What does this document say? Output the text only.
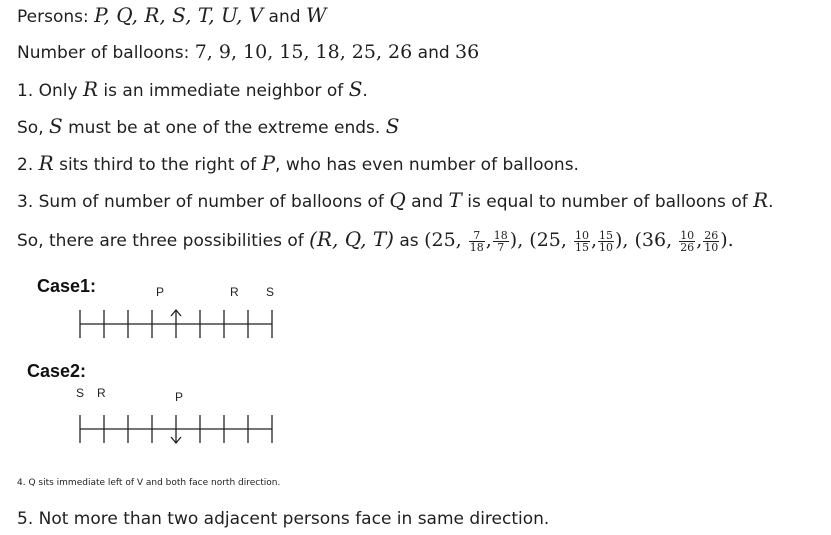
Persons: P, Q, R, S, T, U, V and W
Number of balloons: 7, 9, 10, 15, 18, 25, 26 and 36
1. Only R is an immediate neighbor of S.
So, S must be at one of the extreme ends. S
2. R sits third to the right of P, who has even number of balloons.
3. Sum of number of number of balloons of Q and T is equal to number of balloons of R.
So, there are three possibilities of (R, Q, T) as (25, $\frac{7}{18}$ , $\frac{18}{7}$ ), (25, $\frac{10}{15}$ , $\frac{15}{10}$ ), (36, $\frac{10}{26}$ , $\frac{26}{10}$ ).
Case1:	P	R S
Case2:
S R	P
4. Q sits immediate left of V and both face north direction.
5. Not more than two adjacent persons face in same direction.
